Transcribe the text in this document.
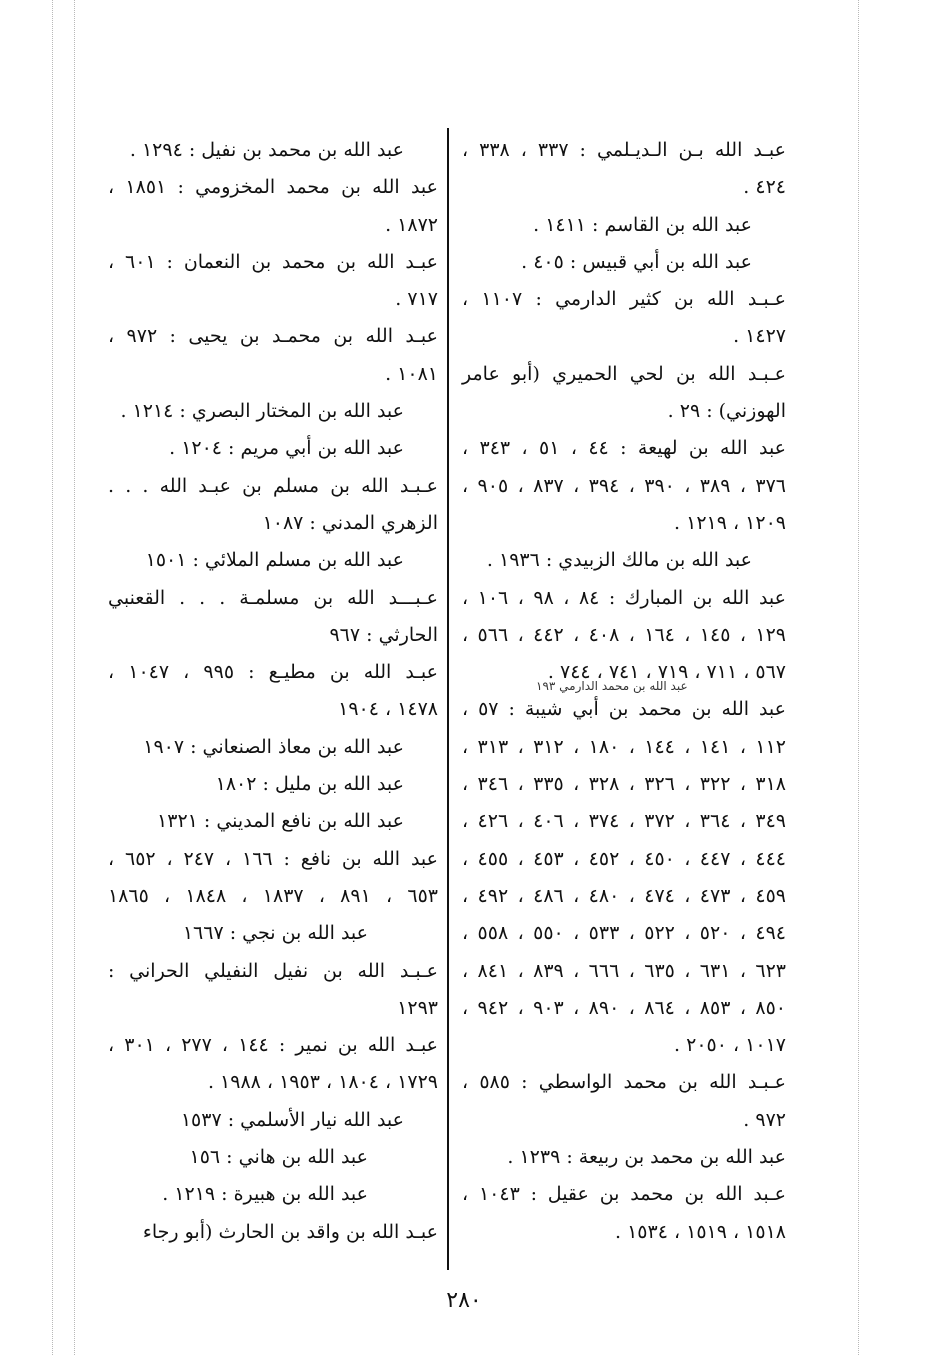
عبـد الله بـن الـديـلمي : ٣٣٧ ، ٣٣٨ ،
٤٢٤ .
عبد الله بن القاسم : ١٤١١ .
عبد الله بن أبي قبيس : ٤٠٥ .
عـبـد الله بن كثير الدارمي : ١١٠٧ ،
١٤٢٧ .
عـبـد الله بن لحي الحميري (أبو عامر
الهوزني) : ٢٩ .
عبد الله بن لهيعة : ٤٤ ، ٥١ ، ٣٤٣ ،
٣٧٦ ، ٣٨٩ ، ٣٩٠ ، ٣٩٤ ، ٨٣٧ ، ٩٠٥ ،
١٢٠٩ ، ١٢١٩ .
عبد الله بن مالك الزبيدي : ١٩٣٦ .
عبد الله بن المبارك : ٨٤ ، ٩٨ ، ١٠٦ ،
١٢٩ ، ١٤٥ ، ١٦٤ ، ٤٠٨ ، ٤٤٢ ، ٥٦٦ ،
٥٦٧ ، ٧١١ ، ٧١٩ ، ٧٤١ ، ٧٤٤ .
عبد الله بن محمد بن أبي شيبة : ٥٧ ،
١١٢ ، ١٤١ ، ١٤٤ ، ١٨٠ ، ٣١٢ ، ٣١٣ ،
٣١٨ ، ٣٢٢ ، ٣٢٦ ، ٣٢٨ ، ٣٣٥ ، ٣٤٦ ،
٣٤٩ ، ٣٦٤ ، ٣٧٢ ، ٣٧٤ ، ٤٠٦ ، ٤٢٦ ،
٤٤٤ ، ٤٤٧ ، ٤٥٠ ، ٤٥٢ ، ٤٥٣ ، ٤٥٥ ،
٤٥٩ ، ٤٧٣ ، ٤٧٤ ، ٤٨٠ ، ٤٨٦ ، ٤٩٢ ،
٤٩٤ ، ٥٢٠ ، ٥٢٢ ، ٥٣٣ ، ٥٥٠ ، ٥٥٨ ،
٦٢٣ ، ٦٣١ ، ٦٣٥ ، ٦٦٦ ، ٨٣٩ ، ٨٤١ ،
٨٥٠ ، ٨٥٣ ، ٨٦٤ ، ٨٩٠ ، ٩٠٣ ، ٩٤٢ ،
١٠١٧ ، ٢٠٥٠ .
عـبـد الله بن محمد الواسطي : ٥٨٥ ،
٩٧٢ .
عبد الله بن محمد بن ربيعة : ١٢٣٩ .
عـبد الله بن محمد بن عقيل : ١٠٤٣ ،
١٥١٨ ، ١٥١٩ ، ١٥٣٤ .
عبد الله بن محمد بن نفيل : ١٢٩٤ .
عبد الله بن محمد المخزومي : ١٨٥١ ،
١٨٧٢ .
عبـد الله بن محمد بن النعمان : ٦٠١ ،
٧١٧ .
عبـد الله بن محمـد بن يحيى : ٩٧٢ ،
١٠٨١ .
عبد الله بن المختار البصري : ١٢١٤ .
عبد الله بن أبي مريم : ١٢٠٤ .
عـبـد الله بن مسلم بن عبـد الله . . .
الزهري المدني : ١٠٨٧
عبد الله بن مسلم الملائي : ١٥٠١
عـبـــد الله بن مسلمـة . . . القعنبي
الحارثي : ٩٦٧
عبـد الله بن مطيـع : ٩٩٥ ، ١٠٤٧ ،
١٤٧٨ ، ١٩٠٤
عبد الله بن معاذ الصنعاني : ١٩٠٧
عبد الله بن مليل : ١٨٠٢
عبد الله بن نافع المديني : ١٣٢١
عبد الله بن نافع : ١٦٦ ، ٢٤٧ ، ٦٥٢ ،
٦٥٣ ، ٨٩١ ، ١٨٣٧ ، ١٨٤٨ ، ١٨٦٥
عبد الله بن نجي : ١٦٦٧
عـبـد الله بن نفيل النفيلي الحراني :
١٢٩٣
عبـد الله بن نمير : ١٤٤ ، ٢٧٧ ، ٣٠١ ،
١٧٢٩ ، ١٨٠٤ ، ١٩٥٣ ، ١٩٨٨ .
عبد الله نيار الأسلمي : ١٥٣٧
عبد الله بن هاني : ١٥٦
عبد الله بن هبيرة : ١٢١٩ .
عبـد الله بن واقد بن الحارث (أبو رجاء
عبد الله بن محمد الدارمي ١٩٣
٢٨٠
